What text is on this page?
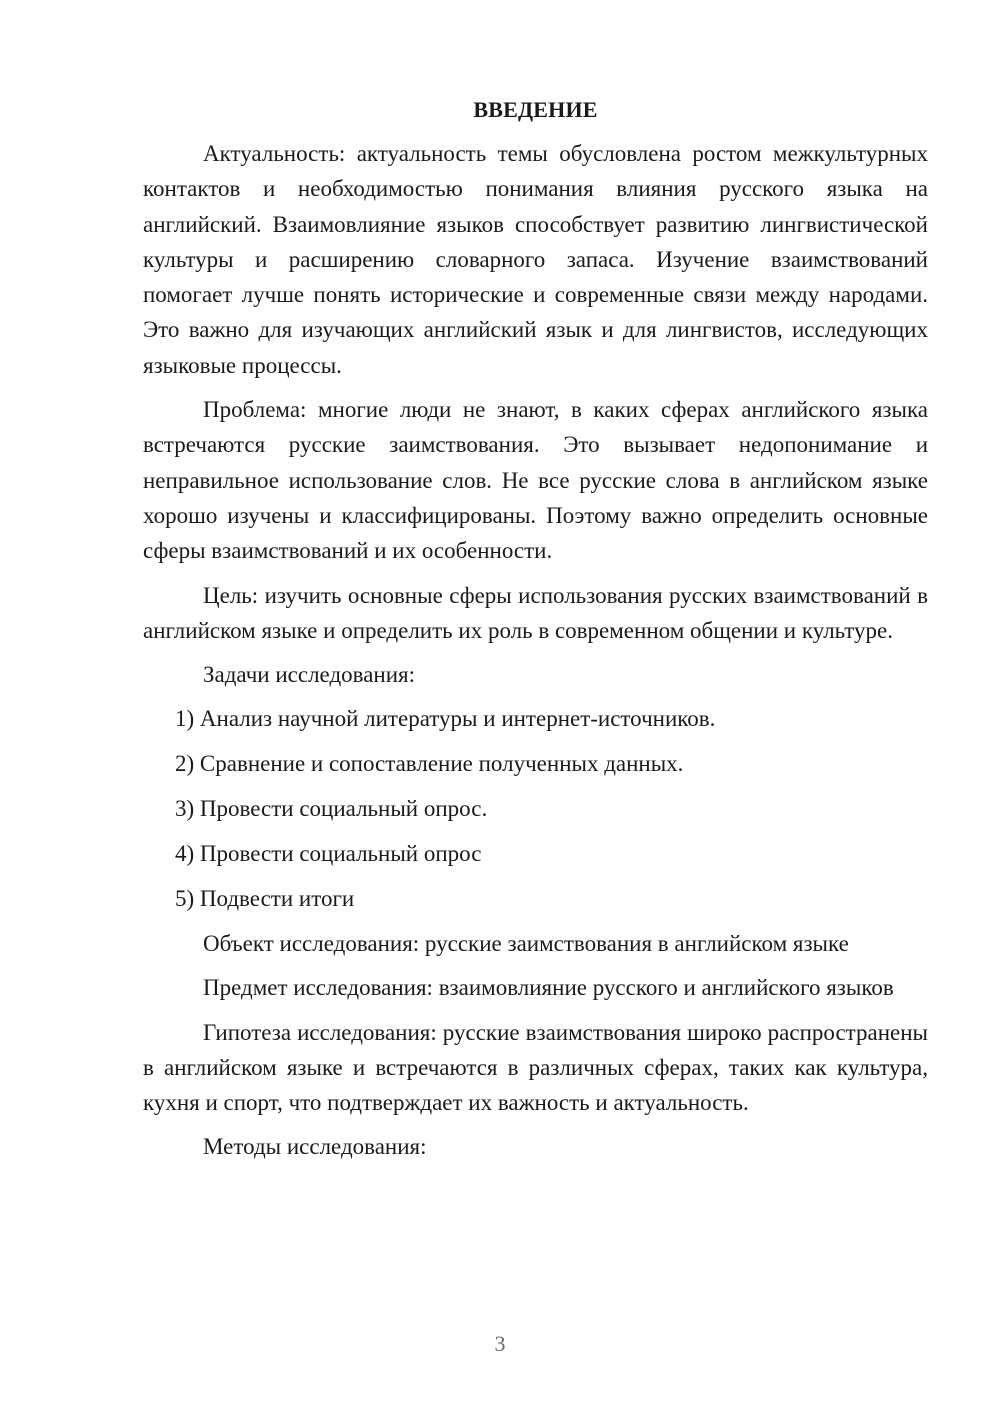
ВВЕДЕНИЕ

Актуальность: актуальность темы обусловлена ростом межкультурных контактов и необходимостью понимания влияния русского языка на английский. Взаимовлияние языков способствует развитию лингвистической культуры и расширению словарного запаса. Изучение взаимствований помогает лучше понять исторические и современные связи между народами. Это важно для изучающих английский язык и для лингвистов, исследующих языковые процессы.

Проблема: многие люди не знают, в каких сферах английского языка встречаются русские заимствования. Это вызывает недопонимание и неправильное использование слов. Не все русские слова в английском языке хорошо изучены и классифицированы. Поэтому важно определить основные сферы взаимствований и их особенности.

Цель: изучить основные сферы использования русских взаимствований в английском языке и определить их роль в современном общении и культуре.

Задачи исследования:

1) Анализ научной литературы и интернет-источников.
2) Сравнение и сопоставление полученных данных.
3) Провести социальный опрос.
4) Провести социальный опрос
5) Подвести итоги

Объект исследования: русские заимствования в английском языке

Предмет исследования: взаимовлияние русского и английского языков

Гипотеза исследования: русские взаимствования широко распространены в английском языке и встречаются в различных сферах, таких как культура, кухня и спорт, что подтверждает их важность и актуальность.

Методы исследования:

3
